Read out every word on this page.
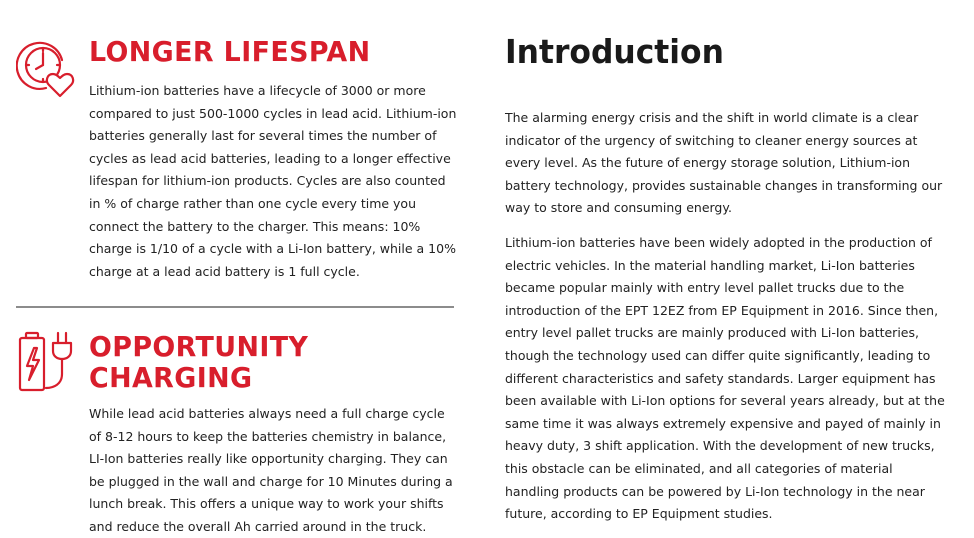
LONGER LIFESPAN

Lithium-ion batteries have a lifecycle of 3000 or more compared to just 500-1000 cycles in lead acid. Lithium-ion batteries generally last for several times the number of cycles as lead acid batteries, leading to a longer effective lifespan for lithium-ion products. Cycles are also counted in % of charge rather than one cycle every time you connect the battery to the charger. This means: 10% charge is 1/10 of a cycle with a Li-Ion battery, while a 10% charge at a lead acid battery is 1 full cycle.

OPPORTUNITY
CHARGING

While lead acid batteries always need a full charge cycle of 8-12 hours to keep the batteries chemistry in balance, LI-Ion batteries really like opportunity charging. They can be plugged in the wall and charge for 10 Minutes during a lunch break. This offers a unique way to work your shifts and reduce the overall Ah carried around in the truck.

Introduction

The alarming energy crisis and the shift in world climate is a clear indicator of the urgency of switching to cleaner energy sources at every level. As the future of energy storage solution, Lithium-ion battery technology, provides sustainable changes in transforming our way to store and consuming energy.

Lithium-ion batteries have been widely adopted in the production of electric vehicles. In the material handling market, Li-Ion batteries became popular mainly with entry level pallet trucks due to the introduction of the EPT 12EZ from EP Equipment in 2016. Since then, entry level pallet trucks are mainly produced with Li-Ion batteries, though the technology used can differ quite significantly, leading to different characteristics and safety standards. Larger equipment has been available with Li-Ion options for several years already, but at the same time it was always extremely expensive and payed of mainly in heavy duty, 3 shift application. With the development of new trucks, this obstacle can be eliminated, and all categories of material handling products can be powered by Li-Ion technology in the near future, according to EP Equipment studies.
